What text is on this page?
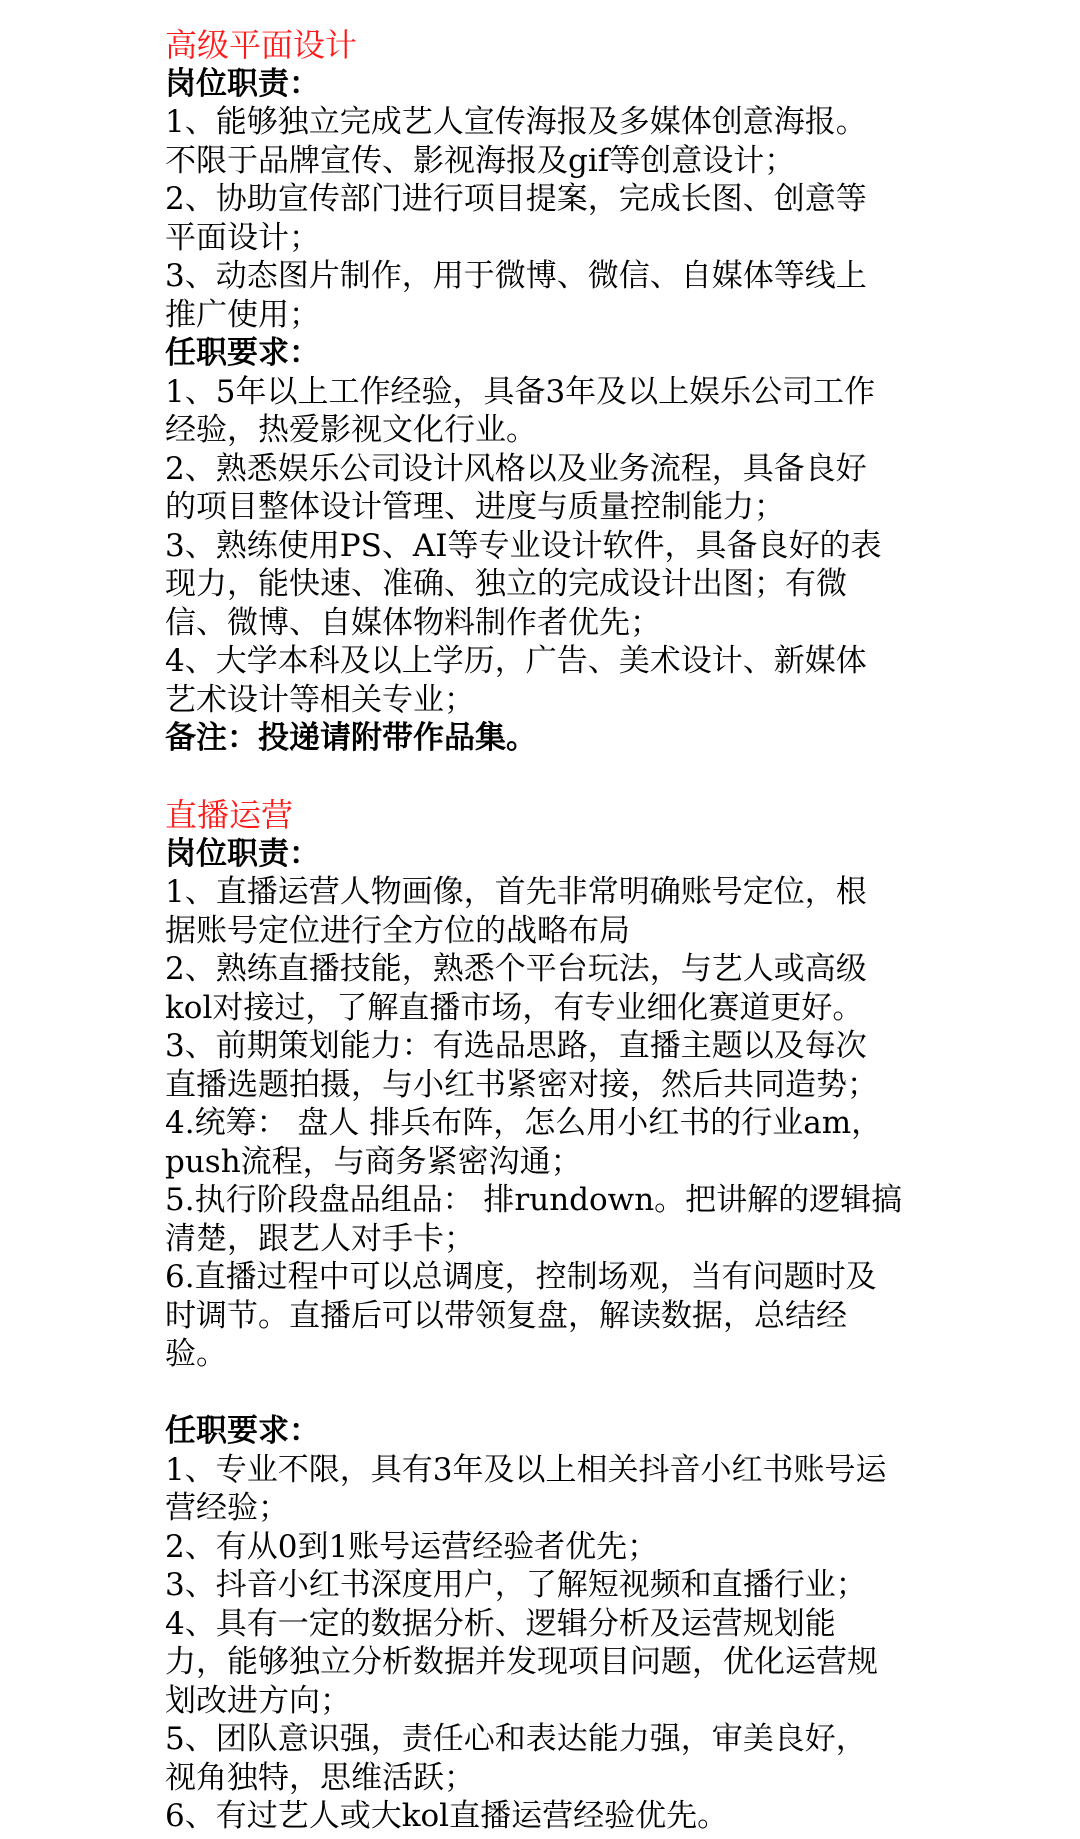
高级平面设计
岗位职责：
1、能够独立完成艺人宣传海报及多媒体创意海报。
不限于品牌宣传、影视海报及gif等创意设计；
2、协助宣传部门进行项目提案，完成长图、创意等
平面设计；
3、动态图片制作，用于微博、微信、自媒体等线上
推广使用；
任职要求：
1、5年以上工作经验，具备3年及以上娱乐公司工作
经验，热爱影视文化行业。
2、熟悉娱乐公司设计风格以及业务流程，具备良好
的项目整体设计管理、进度与质量控制能力；
3、熟练使用PS、AI等专业设计软件，具备良好的表
现力，能快速、准确、独立的完成设计出图；有微
信、微博、自媒体物料制作者优先；
4、大学本科及以上学历，广告、美术设计、新媒体
艺术设计等相关专业；
备注：投递请附带作品集。
直播运营
岗位职责：
1、直播运营人物画像，首先非常明确账号定位，根
据账号定位进行全方位的战略布局
2、熟练直播技能，熟悉个平台玩法，与艺人或高级
kol对接过，了解直播市场，有专业细化赛道更好。
3、前期策划能力：有选品思路，直播主题以及每次
直播选题拍摄，与小红书紧密对接，然后共同造势；
4.统筹： 盘人 排兵布阵，怎么用小红书的行业am，
push流程，与商务紧密沟通；
5.执行阶段盘品组品： 排rundown。把讲解的逻辑搞
清楚，跟艺人对手卡；
6.直播过程中可以总调度，控制场观，当有问题时及
时调节。直播后可以带领复盘，解读数据，总结经
验。
任职要求：
1、专业不限，具有3年及以上相关抖音小红书账号运
营经验；
2、有从0到1账号运营经验者优先；
3、抖音小红书深度用户，了解短视频和直播行业；
4、具有一定的数据分析、逻辑分析及运营规划能
力，能够独立分析数据并发现项目问题，优化运营规
划改进方向；
5、团队意识强，责任心和表达能力强，审美良好，
视角独特，思维活跃；
6、有过艺人或大kol直播运营经验优先。
